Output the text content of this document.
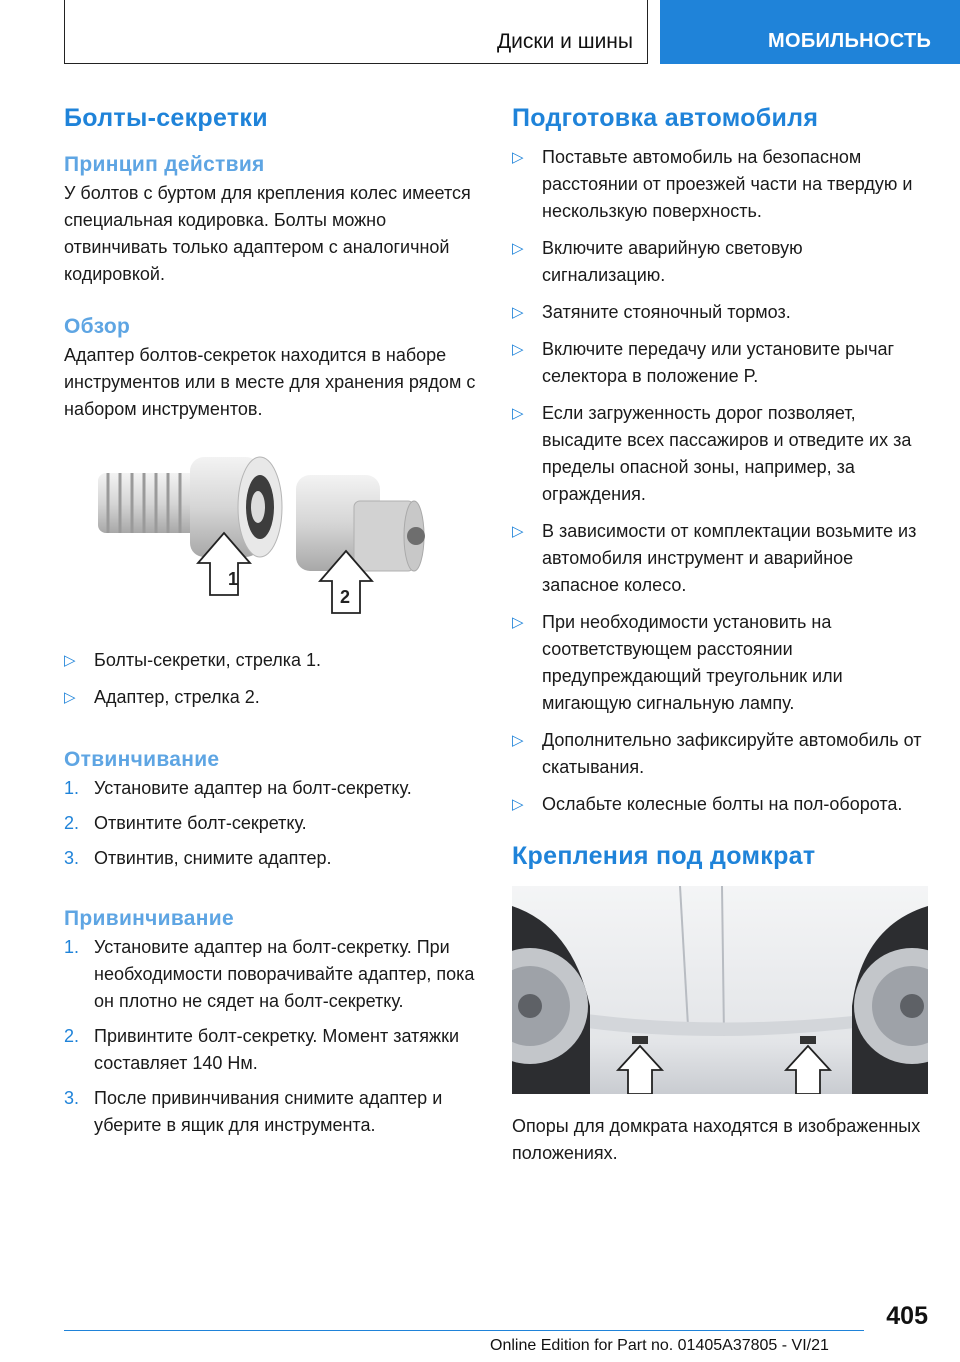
Диски и шины	МОБИЛЬНОСТЬ
Болты-секретки
Принцип действия

У болтов с буртом для крепления колес имеется специальная кодировка. Болты можно отвинчивать только адаптером с аналогичной кодировкой.

Обзор

Адаптер болтов-секреток находится в наборе инструментов или в месте для хранения рядом с набором инструментов.

1
2
▷ Болты-секретки, стрелка 1.
▷ Адаптер, стрелка 2.
Отвинчивание
1. Установите адаптер на болт-секретку.
2. Отвинтите болт-секретку.
3. Отвинтив, снимите адаптер.
Привинчивание
1. Установите адаптер на болт-секретку. При необходимости поворачивайте адаптер, пока он плотно не сядет на болт-секретку.
2. Привинтите болт-секретку. Момент затяжки составляет 140 Нм.
3. После привинчивания снимите адаптер и уберите в ящик для инструмента.
Подготовка автомобиля
▷ Поставьте автомобиль на безопасном расстоянии от проезжей части на твердую и нескользкую поверхность.
▷ Включите аварийную световую сигнализацию.
▷ Затяните стояночный тормоз.
▷ Включите передачу или установите рычаг селектора в положение P.
▷ Если загруженность дорог позволяет, высадите всех пассажиров и отведите их за пределы опасной зоны, например, за ограждения.
▷ В зависимости от комплектации возьмите из автомобиля инструмент и аварийное запасное колесо.
▷ При необходимости установить на соответствующем расстоянии предупреждающий треугольник или мигающую сигнальную лампу.
▷ Дополнительно зафиксируйте автомобиль от скатывания.
▷ Ослабьте колесные болты на пол-оборота.
Крепления под домкрат

Опоры для домкрата находятся в изображенных положениях.

405
Online Edition for Part no. 01405A37805 - VI/21
